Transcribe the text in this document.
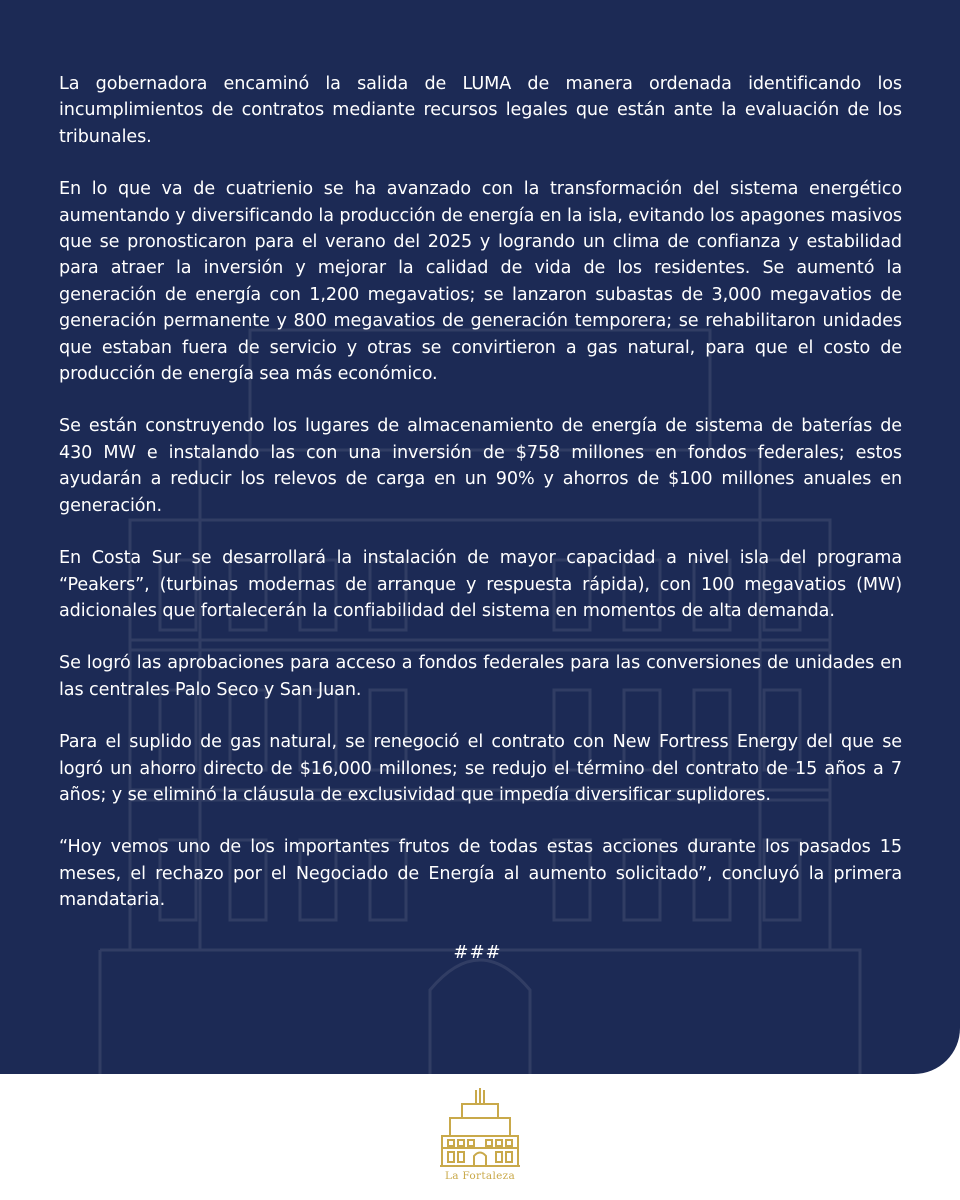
La gobernadora encaminó la salida de LUMA de manera ordenada identificando los incumplimientos de contratos mediante recursos legales que están ante la evaluación de los tribunales.

En lo que va de cuatrienio se ha avanzado con la transformación del sistema energético aumentando y diversificando la producción de energía en la isla, evitando los apagones masivos que se pronosticaron para el verano del 2025 y logrando un clima de confianza y estabilidad para atraer la inversión y mejorar la calidad de vida de los residentes. Se aumentó la generación de energía con 1,200 megavatios; se lanzaron subastas de 3,000 megavatios de generación permanente y 800 megavatios de generación temporera; se rehabilitaron unidades que estaban fuera de servicio y otras se convirtieron a gas natural, para que el costo de producción de energía sea más económico.

Se están construyendo los lugares de almacenamiento de energía de sistema de baterías de 430 MW e instalando las con una inversión de $758 millones en fondos federales; estos ayudarán a reducir los relevos de carga en un 90% y ahorros de $100 millones anuales en generación.

En Costa Sur se desarrollará la instalación de mayor capacidad a nivel isla del programa “Peakers”, (turbinas modernas de arranque y respuesta rápida), con 100 megavatios (MW) adicionales que fortalecerán la confiabilidad del sistema en momentos de alta demanda.

Se logró las aprobaciones para acceso a fondos federales para las conversiones de unidades en las centrales Palo Seco y San Juan.

Para el suplido de gas natural, se renegoció el contrato con New Fortress Energy del que se logró un ahorro directo de $16,000 millones; se redujo el término del contrato de 15 años a 7 años; y se eliminó la cláusula de exclusividad que impedía diversificar suplidores.

“Hoy vemos uno de los importantes frutos de todas estas acciones durante los pasados 15 meses, el rechazo por el Negociado de Energía al aumento solicitado”, concluyó la primera mandataria.

###
La Fortaleza
